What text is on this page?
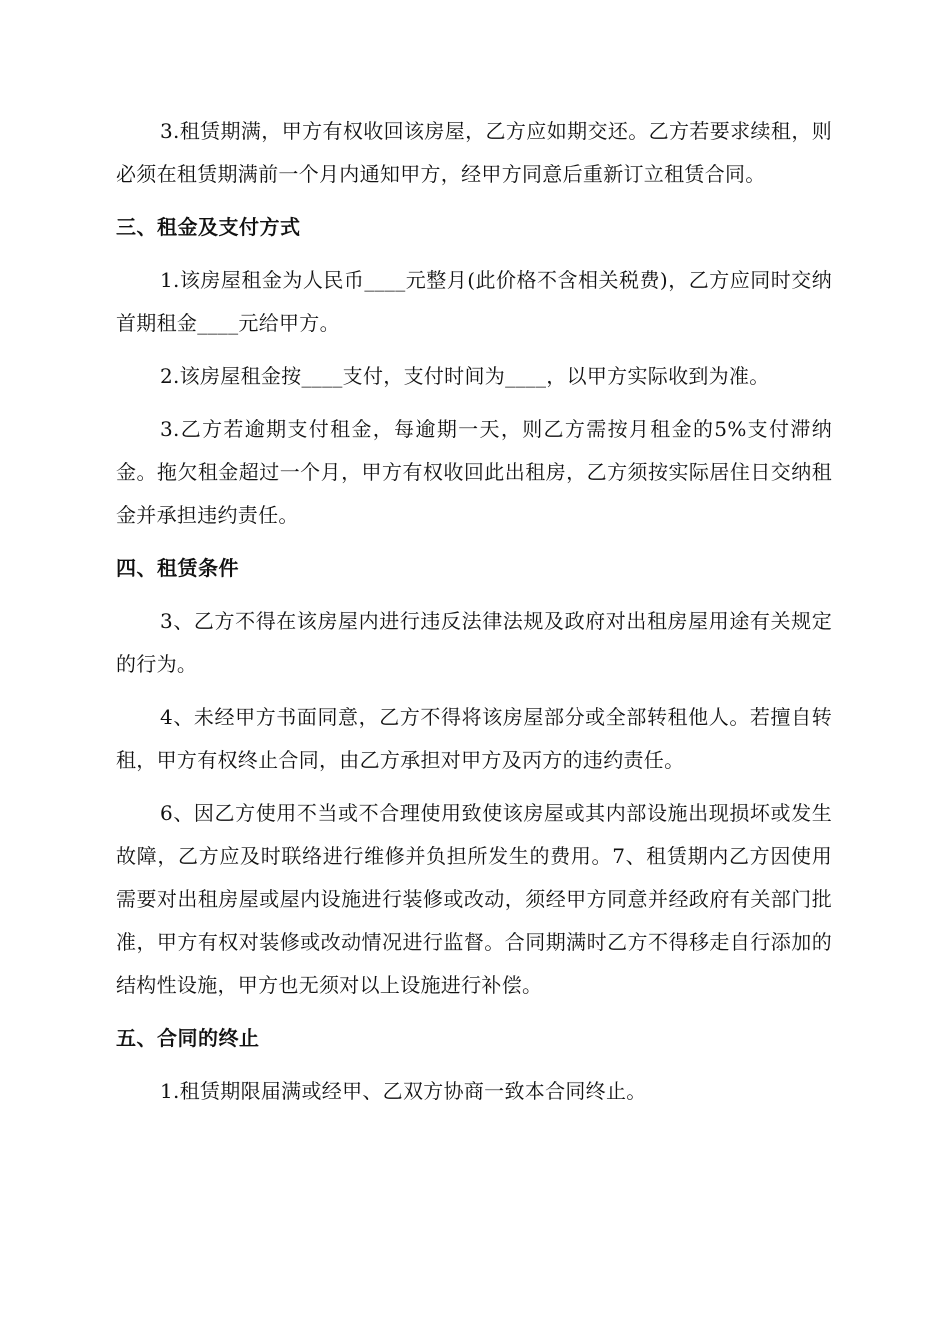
3.租赁期满，甲方有权收回该房屋，乙方应如期交还。乙方若要求续租，则必须在租赁期满前一个月内通知甲方，经甲方同意后重新订立租赁合同。

三、租金及支付方式

1.该房屋租金为人民币____元整月(此价格不含相关税费)，乙方应同时交纳首期租金____元给甲方。

2.该房屋租金按____支付，支付时间为____，以甲方实际收到为准。

3.乙方若逾期支付租金，每逾期一天，则乙方需按月租金的5%支付滞纳金。拖欠租金超过一个月，甲方有权收回此出租房，乙方须按实际居住日交纳租金并承担违约责任。

四、租赁条件

3、乙方不得在该房屋内进行违反法律法规及政府对出租房屋用途有关规定的行为。

4、未经甲方书面同意，乙方不得将该房屋部分或全部转租他人。若擅自转租，甲方有权终止合同，由乙方承担对甲方及丙方的违约责任。

6、因乙方使用不当或不合理使用致使该房屋或其内部设施出现损坏或发生故障，乙方应及时联络进行维修并负担所发生的费用。7、租赁期内乙方因使用需要对出租房屋或屋内设施进行装修或改动，须经甲方同意并经政府有关部门批准，甲方有权对装修或改动情况进行监督。合同期满时乙方不得移走自行添加的结构性设施，甲方也无须对以上设施进行补偿。

五、合同的终止

1.租赁期限届满或经甲、乙双方协商一致本合同终止。
